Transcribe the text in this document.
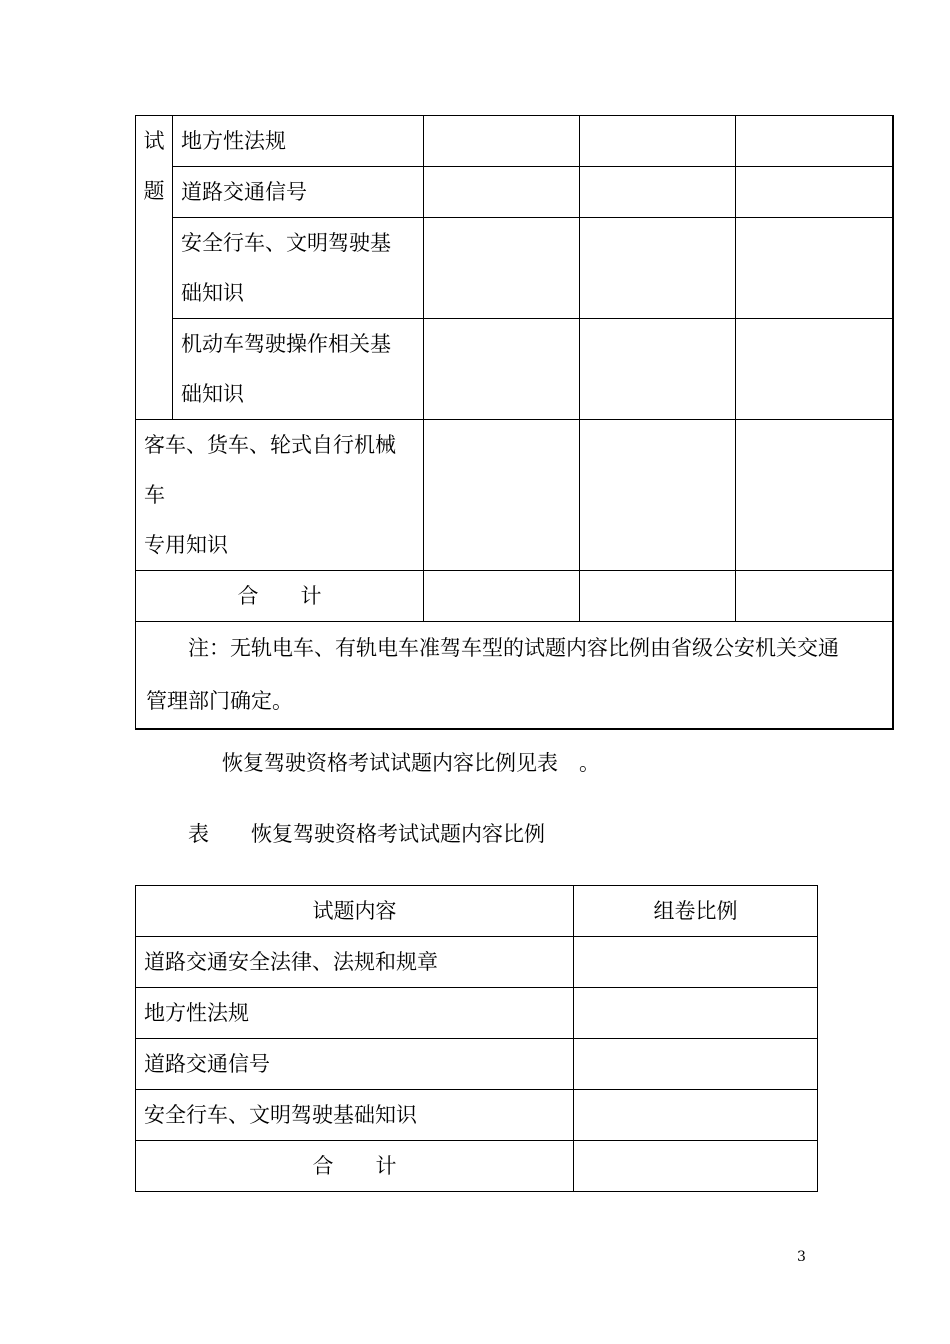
试
题	地方性法规			
	道路交通信号			

	安全行车、文明驾驶基
础知识			

	机动车驾驶操作相关基
础知识			

客车、货车、轮式自行机械
车
专用知识				

合　　计				

注：无轨电车、有轨电车准驾车型的试题内容比例由省级公安机关交通
管理部门确定。				
恢复驾驶资格考试试题内容比例见表　。
表　　恢复驾驶资格考试试题内容比例
试题内容	组卷比例
道路交通安全法律、法规和规章	
地方性法规	
道路交通信号	
安全行车、文明驾驶基础知识	
合　　计	
3
